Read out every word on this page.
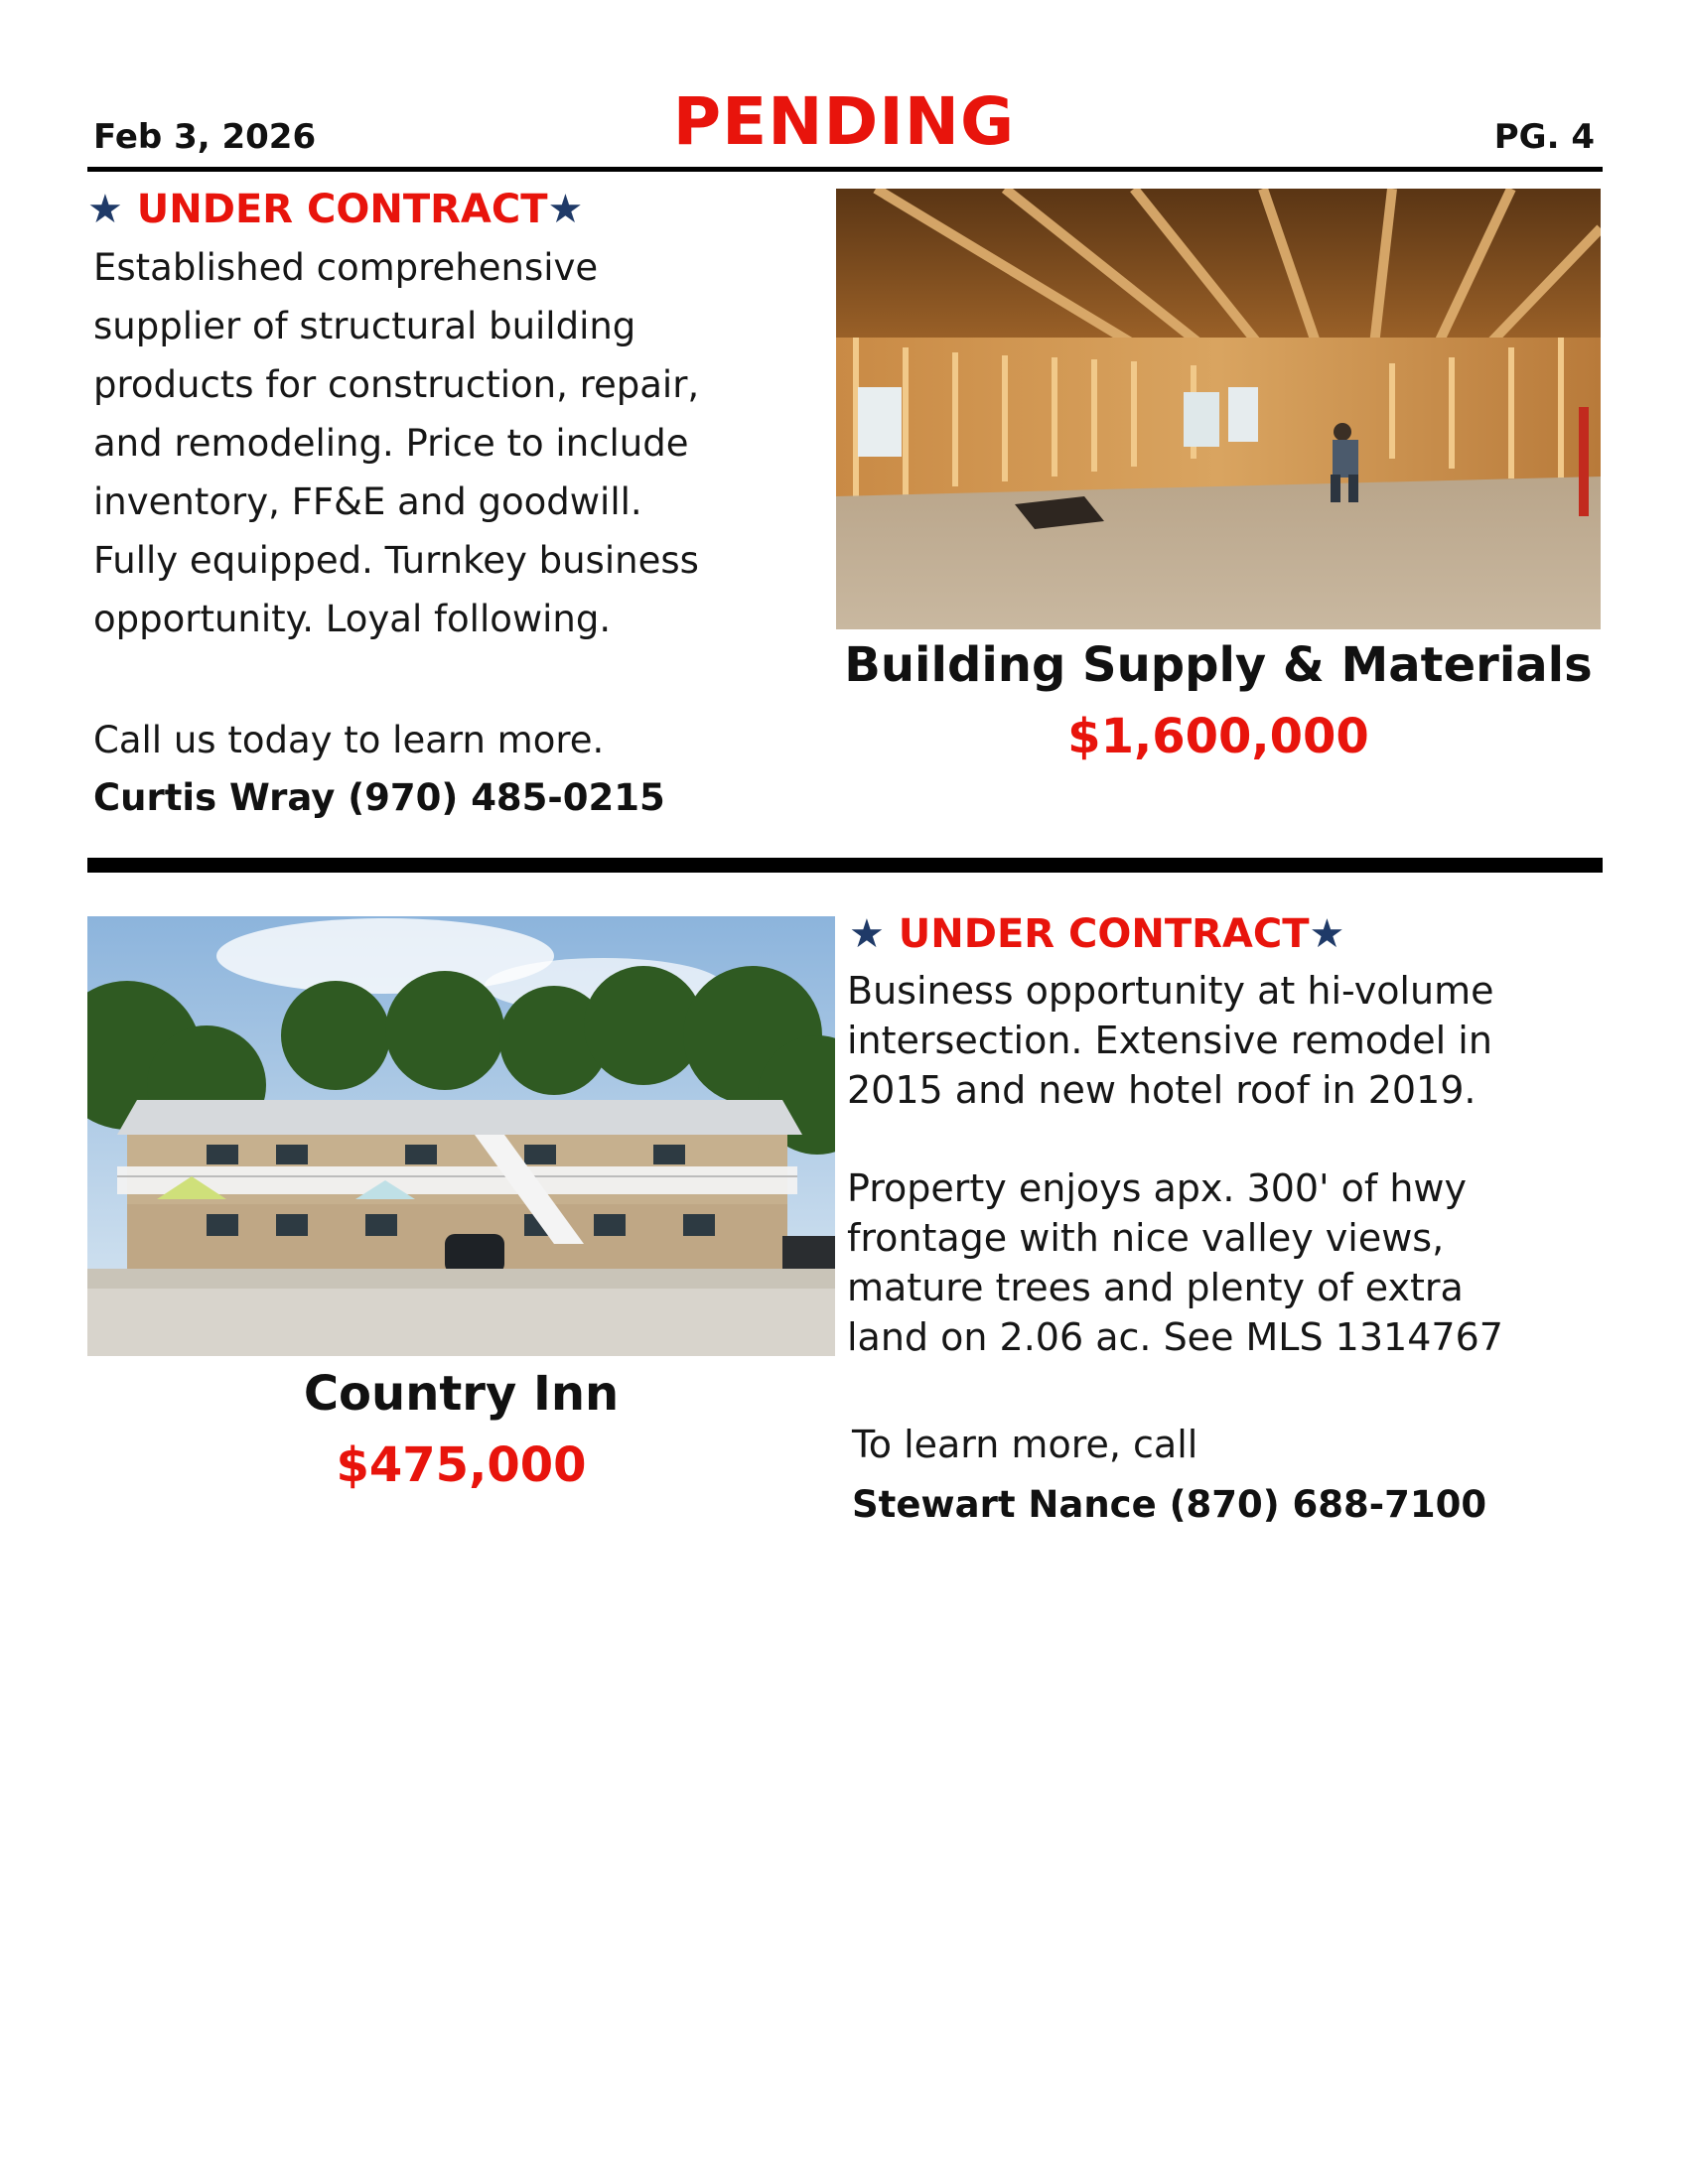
Feb 3, 2026	PENDING	PG. 4
★ UNDER CONTRACT★
Established comprehensive
supplier of structural building
products for construction, repair,
and remodeling. Price to include
inventory, FF&E and goodwill.
Fully equipped. Turnkey business
opportunity. Loyal following.
Call us today to learn more.
Curtis Wray (970) 485-0215
Building Supply & Materials
$1,600,000
Country Inn
$475,000
★ UNDER CONTRACT★
Business opportunity at hi-volume
intersection. Extensive remodel in
2015 and new hotel roof in 2019.
Property enjoys apx. 300' of hwy
frontage with nice valley views,
mature trees and plenty of extra
land on 2.06 ac. See MLS 1314767
To learn more, call
Stewart Nance (870) 688-7100
